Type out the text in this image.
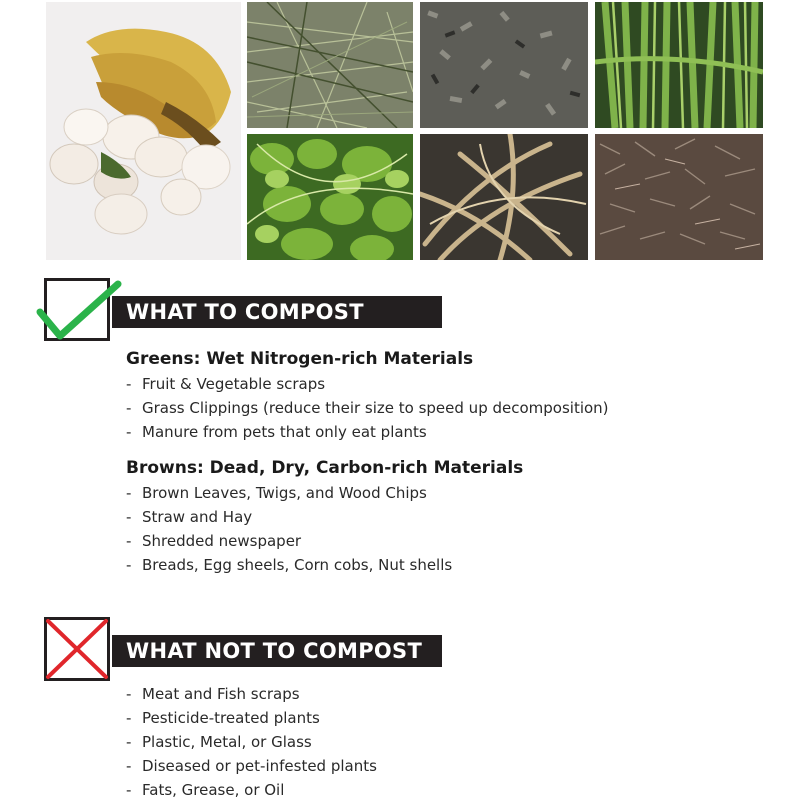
WHAT TO COMPOST
Greens: Wet Nitrogen-rich Materials
- Fruit & Vegetable scraps
- Grass Clippings (reduce their size to speed up decomposition)
- Manure from pets that only eat plants
Browns: Dead, Dry, Carbon-rich Materials
- Brown Leaves, Twigs, and Wood Chips
- Straw and Hay
- Shredded newspaper
- Breads, Egg sheels, Corn cobs, Nut shells
WHAT NOT TO COMPOST
- Meat and Fish scraps
- Pesticide-treated plants
- Plastic, Metal, or Glass
- Diseased or pet-infested plants
- Fats, Grease, or Oil
